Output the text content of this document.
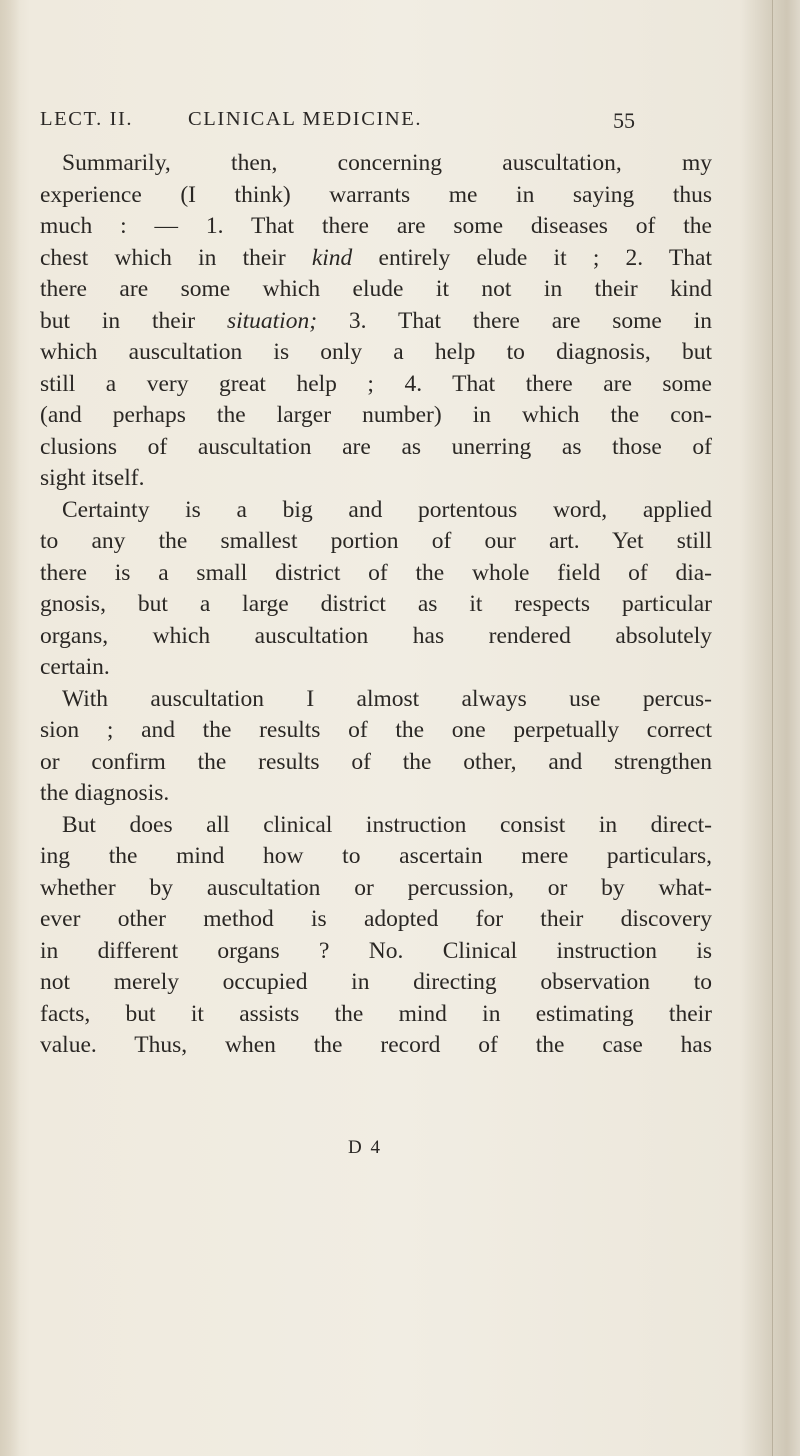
LECT. II.	CLINICAL MEDICINE.	55
Summarily, then, concerning auscultation, my
experience (I think) warrants me in saying thus
much : — 1. That there are some diseases of the
chest which in their kind entirely elude it ; 2. That
there are some which elude it not in their kind
but in their situation; 3. That there are some in
which auscultation is only a help to diagnosis, but
still a very great help ; 4. That there are some
(and perhaps the larger number) in which the con-
clusions of auscultation are as unerring as those of
sight itself.
Certainty is a big and portentous word, applied
to any the smallest portion of our art. Yet still
there is a small district of the whole field of dia-
gnosis, but a large district as it respects particular
organs, which auscultation has rendered absolutely
certain.
With auscultation I almost always use percus-
sion ; and the results of the one perpetually correct
or confirm the results of the other, and strengthen
the diagnosis.
But does all clinical instruction consist in direct-
ing the mind how to ascertain mere particulars,
whether by auscultation or percussion, or by what-
ever other method is adopted for their discovery
in different organs ? No. Clinical instruction is
not merely occupied in directing observation to
facts, but it assists the mind in estimating their
value. Thus, when the record of the case has
D 4
